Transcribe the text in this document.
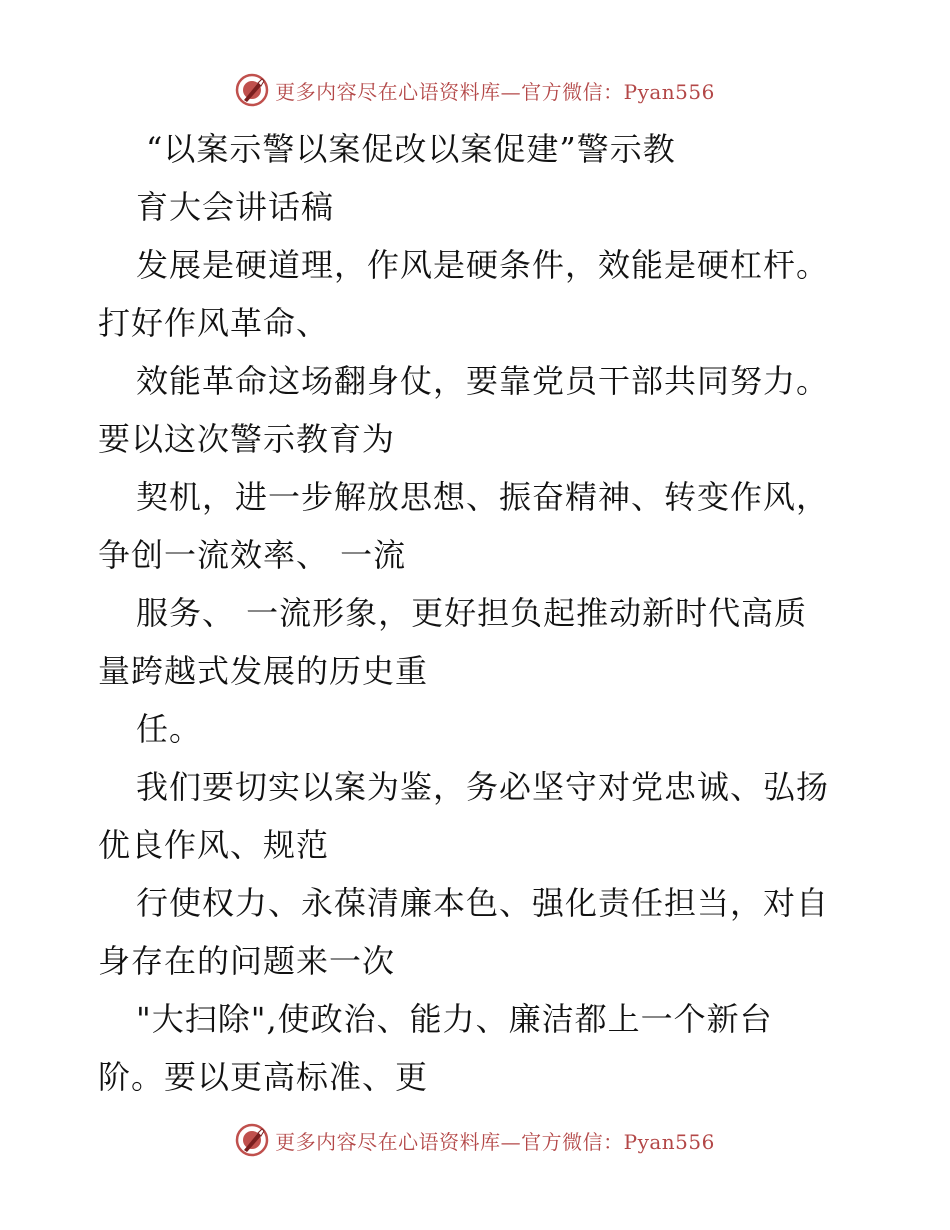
更多内容尽在心语资料库—官方微信：Pyan556
“以案示警以案促改以案促建”警示教
育大会讲话稿
发展是硬道理，作风是硬条件，效能是硬杠杆。
打好作风革命、
效能革命这场翻身仗，要靠党员干部共同努力。
要以这次警示教育为
契机，进一步解放思想、振奋精神、转变作风，
争创一流效率、 一流
服务、 一流形象，更好担负起推动新时代高质
量跨越式发展的历史重
任。
我们要切实以案为鉴，务必坚守对党忠诚、弘扬
优良作风、规范
行使权力、永葆清廉本色、强化责任担当，对自
身存在的问题来一次
"大扫除",使政治、能力、廉洁都上一个新台
阶。要以更高标准、更
更多内容尽在心语资料库—官方微信：Pyan556
